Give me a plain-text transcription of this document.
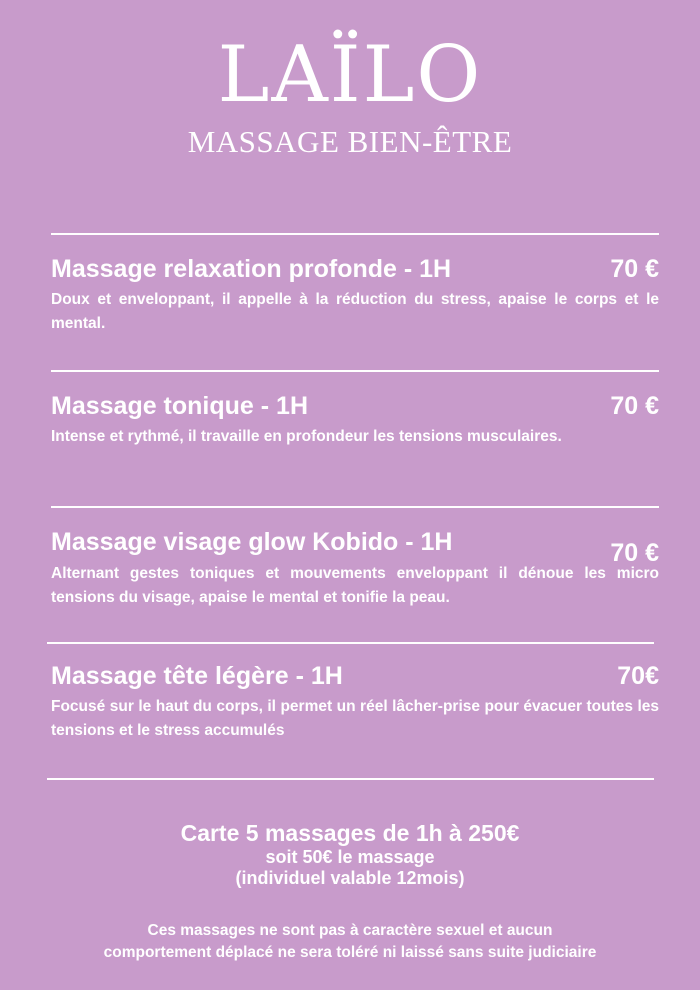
LAÏLO
MASSAGE BIEN-ÊTRE
Massage relaxation profonde - 1H	70 €
Doux et enveloppant, il appelle à la réduction du stress, apaise le corps et le mental.
Massage tonique - 1H	70 €
Intense et rythmé, il travaille en profondeur les tensions musculaires.
Massage visage glow Kobido - 1H	70 €
Alternant gestes toniques et mouvements enveloppant il dénoue les micro tensions du visage, apaise le mental et tonifie la peau.
Massage tête légère - 1H	70€
Focusé sur le haut du corps, il permet un réel lâcher-prise pour évacuer toutes les tensions et le stress accumulés
Carte 5 massages de 1h à 250€
soit 50€ le massage
(individuel valable 12mois)
Ces massages ne sont pas à caractère sexuel et aucun
comportement déplacé ne sera toléré ni laissé sans suite judiciaire
